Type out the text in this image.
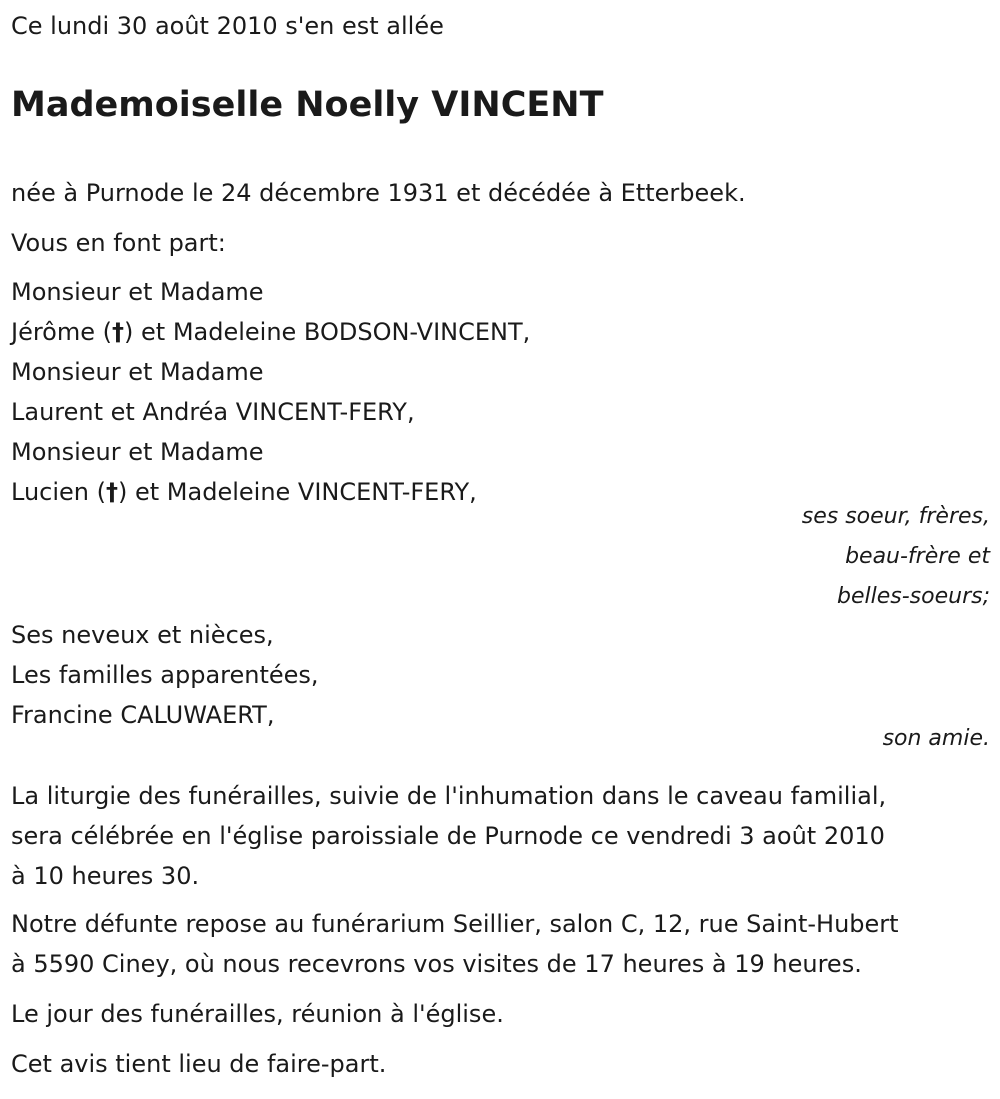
Ce lundi 30 août 2010 s'en est allée
Mademoiselle Noelly VINCENT
née à Purnode le 24 décembre 1931 et décédée à Etterbeek.
Vous en font part:
Monsieur et Madame
Jérôme (†) et Madeleine BODSON-VINCENT,
Monsieur et Madame
Laurent et Andréa VINCENT-FERY,
Monsieur et Madame
Lucien (†) et Madeleine VINCENT-FERY,
ses soeur, frères,
beau-frère et
belles-soeurs;
Ses neveux et nièces,
Les familles apparentées,
Francine CALUWAERT,
son amie.
La liturgie des funérailles, suivie de l'inhumation dans le caveau familial,
sera célébrée en l'église paroissiale de Purnode ce vendredi 3 août 2010
à 10 heures 30.
Notre défunte repose au funérarium Seillier, salon C, 12, rue Saint-Hubert
à 5590 Ciney, où nous recevrons vos visites de 17 heures à 19 heures.
Le jour des funérailles, réunion à l'église.
Cet avis tient lieu de faire-part.
